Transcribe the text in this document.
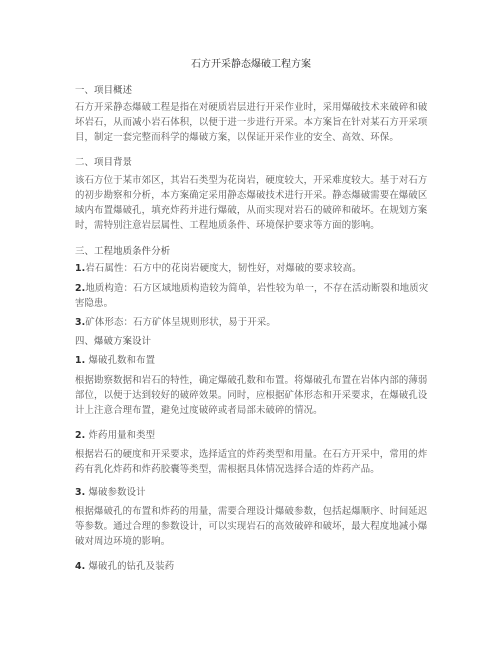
石方开采静态爆破工程方案
一、项目概述
石方开采静态爆破工程是指在对硬质岩层进行开采作业时，采用爆破技术来破碎和破坏岩石，从而减小岩石体积，以便于进一步进行开采。本方案旨在针对某石方开采项目，制定一套完整而科学的爆破方案，以保证开采作业的安全、高效、环保。
二、项目背景
该石方位于某市郊区，其岩石类型为花岗岩，硬度较大，开采难度较大。基于对石方的初步勘察和分析，本方案确定采用静态爆破技术进行开采。静态爆破需要在爆破区域内布置爆破孔，填充炸药并进行爆破，从而实现对岩石的破碎和破坏。在规划方案时，需特别注意岩层属性、工程地质条件、环境保护要求等方面的影响。
三、工程地质条件分析
1.岩石属性：石方中的花岗岩硬度大，韧性好，对爆破的要求较高。
2.地质构造：石方区域地质构造较为简单，岩性较为单一，不存在活动断裂和地质灾害隐患。
3.矿体形态：石方矿体呈规则形状，易于开采。
四、爆破方案设计
1. 爆破孔数和布置
根据勘察数据和岩石的特性，确定爆破孔数和布置。将爆破孔布置在岩体内部的薄弱部位，以便于达到较好的破碎效果。同时，应根据矿体形态和开采要求，在爆破孔设计上注意合理布置，避免过度破碎或者局部未破碎的情况。
2. 炸药用量和类型
根据岩石的硬度和开采要求，选择适宜的炸药类型和用量。在石方开采中，常用的炸药有乳化炸药和炸药胶囊等类型，需根据具体情况选择合适的炸药产品。
3. 爆破参数设计
根据爆破孔的布置和炸药的用量，需要合理设计爆破参数，包括起爆顺序、时间延迟等参数。通过合理的参数设计，可以实现岩石的高效破碎和破坏，最大程度地减小爆破对周边环境的影响。
4. 爆破孔的钻孔及装药
